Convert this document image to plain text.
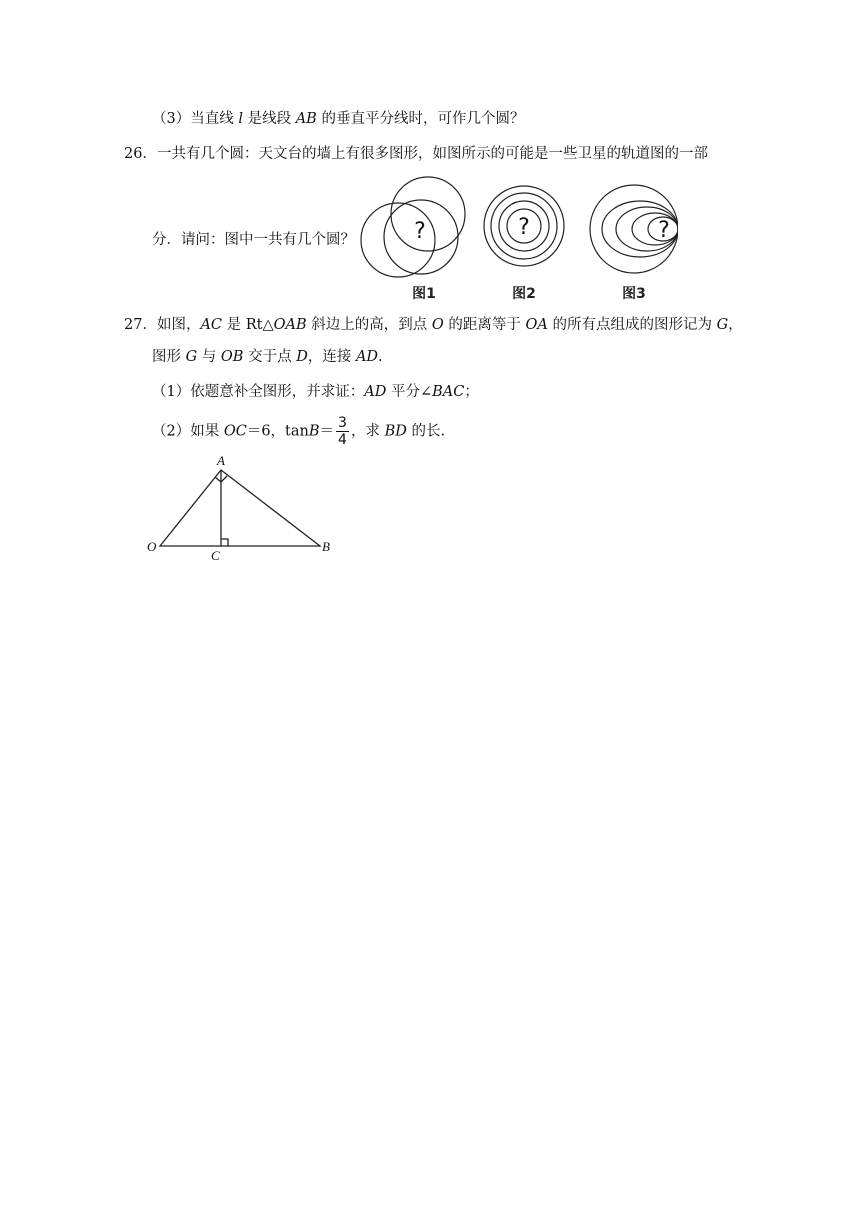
（3）当直线 l 是线段 AB 的垂直平分线时，可作几个圆？
26．一共有几个圆：天文台的墙上有很多图形，如图所示的可能是一些卫星的轨道图的一部
分．请问：图中一共有几个圆？	?
图1
?
图2
?
图3
27．如图，AC 是 Rt△OAB 斜边上的高，到点 O 的距离等于 OA 的所有点组成的图形记为 G，
图形 G 与 OB 交于点 D，连接 AD.
（1）依题意补全图形，并求证：AD 平分∠BAC；
（2）如果 OC＝6，$\tan B= \frac{3}{4}$ ，求 BD 的长.
A
O	B
C
